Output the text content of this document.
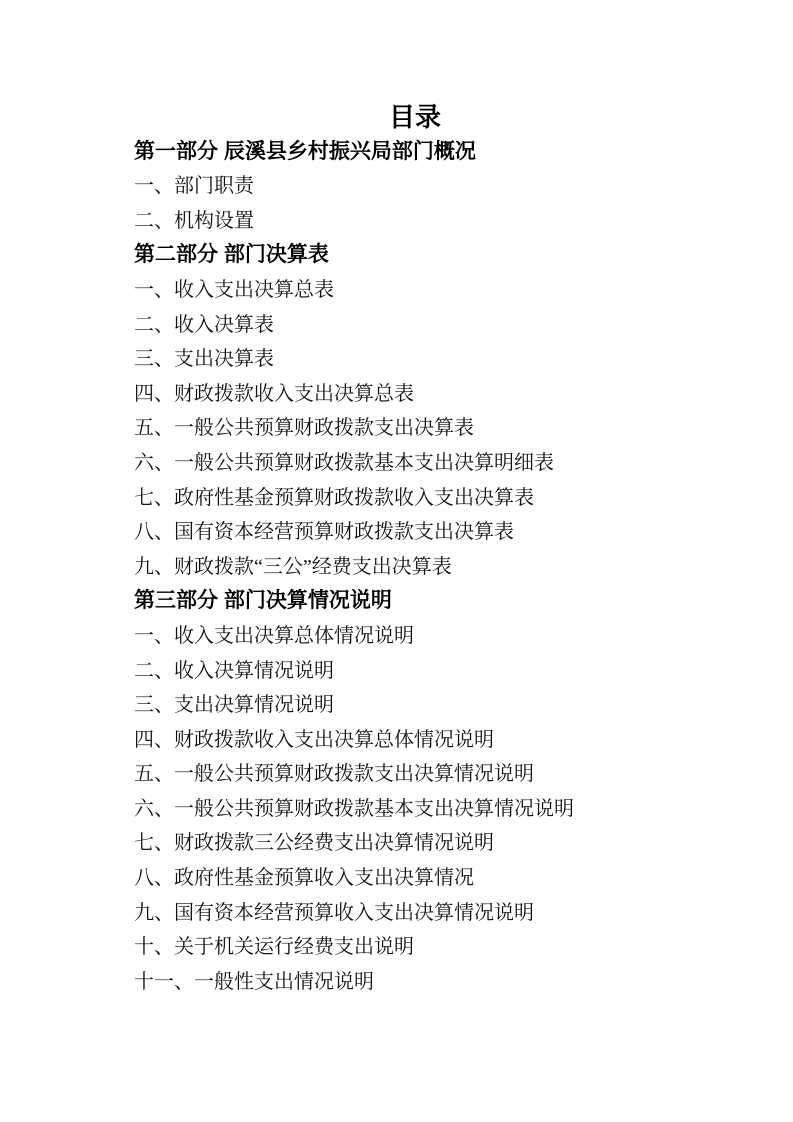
目录

第一部分 辰溪县乡村振兴局部门概况

一、部门职责

二、机构设置

第二部分 部门决算表

一、收入支出决算总表

二、收入决算表

三、支出决算表

四、财政拨款收入支出决算总表

五、一般公共预算财政拨款支出决算表

六、一般公共预算财政拨款基本支出决算明细表

七、政府性基金预算财政拨款收入支出决算表

八、国有资本经营预算财政拨款支出决算表

九、财政拨款“三公”经费支出决算表

第三部分 部门决算情况说明

一、收入支出决算总体情况说明

二、收入决算情况说明

三、支出决算情况说明

四、财政拨款收入支出决算总体情况说明

五、一般公共预算财政拨款支出决算情况说明

六、一般公共预算财政拨款基本支出决算情况说明

七、财政拨款三公经费支出决算情况说明

八、政府性基金预算收入支出决算情况

九、国有资本经营预算收入支出决算情况说明

十、关于机关运行经费支出说明

十一、一般性支出情况说明
